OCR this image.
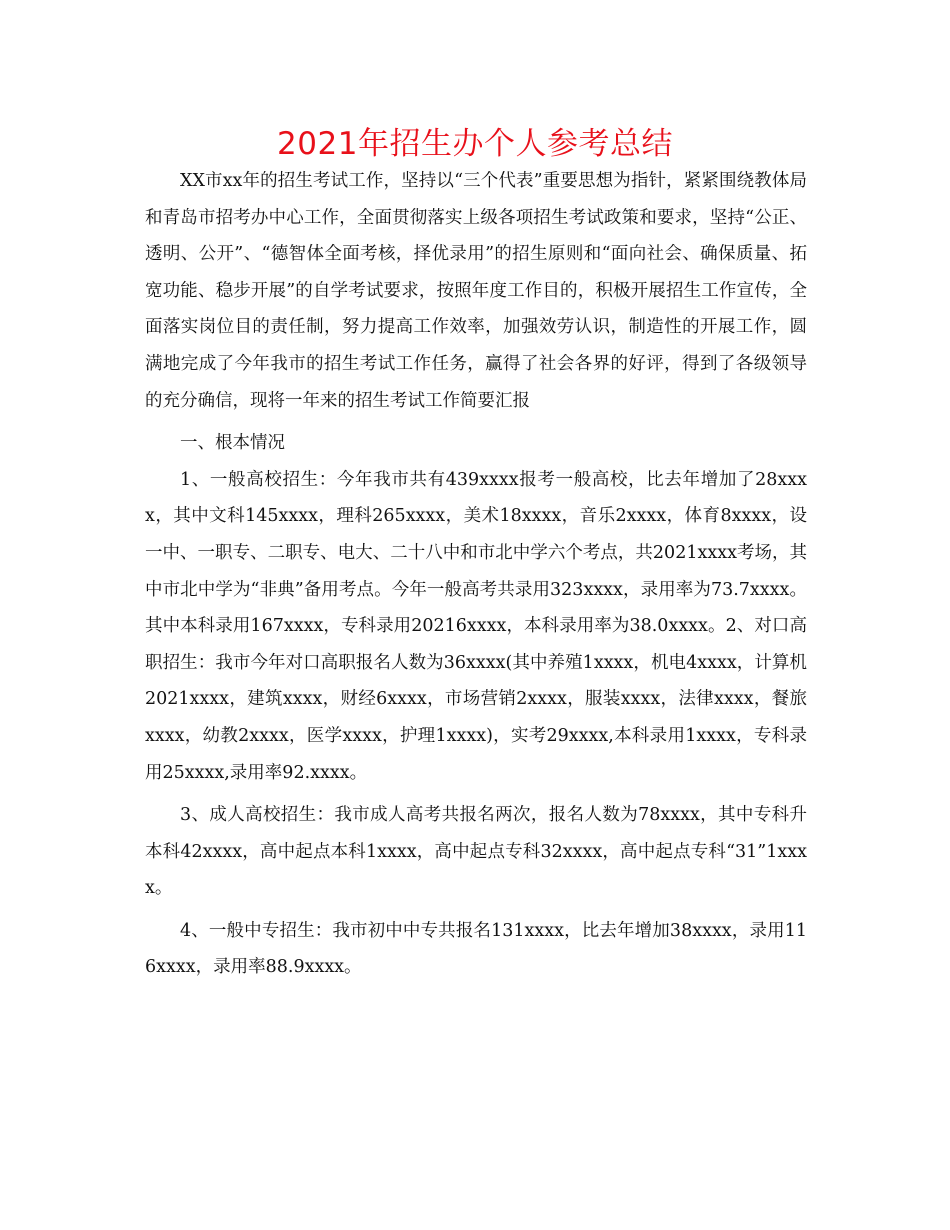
2021年招生办个人参考总结

XX市xx年的招生考试工作，坚持以“三个代表”重要思想为指针，紧紧围绕教体局和青岛市招考办中心工作，全面贯彻落实上级各项招生考试政策和要求，坚持“公正、透明、公开”、“德智体全面考核，择优录用”的招生原则和“面向社会、确保质量、拓宽功能、稳步开展”的自学考试要求，按照年度工作目的，积极开展招生工作宣传，全面落实岗位目的责任制，努力提高工作效率，加强效劳认识，制造性的开展工作，圆满地完成了今年我市的招生考试工作任务，赢得了社会各界的好评，得到了各级领导的充分确信，现将一年来的招生考试工作简要汇报

一、根本情况

1、一般高校招生：今年我市共有439xxxx报考一般高校，比去年增加了28xxxx，其中文科145xxxx，理科265xxxx，美术18xxxx，音乐2xxxx，体育8xxxx，设一中、一职专、二职专、电大、二十八中和市北中学六个考点，共2021xxxx考场，其中市北中学为“非典”备用考点。今年一般高考共录用323xxxx，录用率为73.7xxxx。其中本科录用167xxxx，专科录用20216xxxx，本科录用率为38.0xxxx。2、对口高职招生：我市今年对口高职报名人数为36xxxx(其中养殖1xxxx，机电4xxxx，计算机2021xxxx，建筑xxxx，财经6xxxx，市场营销2xxxx，服装xxxx，法律xxxx，餐旅xxxx，幼教2xxxx，医学xxxx，护理1xxxx)，实考29xxxx,本科录用1xxxx，专科录用25xxxx,录用率92.xxxx。

3、成人高校招生：我市成人高考共报名两次，报名人数为78xxxx，其中专科升本科42xxxx，高中起点本科1xxxx，高中起点专科32xxxx，高中起点专科“31”1xxxx。

4、一般中专招生：我市初中中专共报名131xxxx，比去年增加38xxxx，录用116xxxx，录用率88.9xxxx。
